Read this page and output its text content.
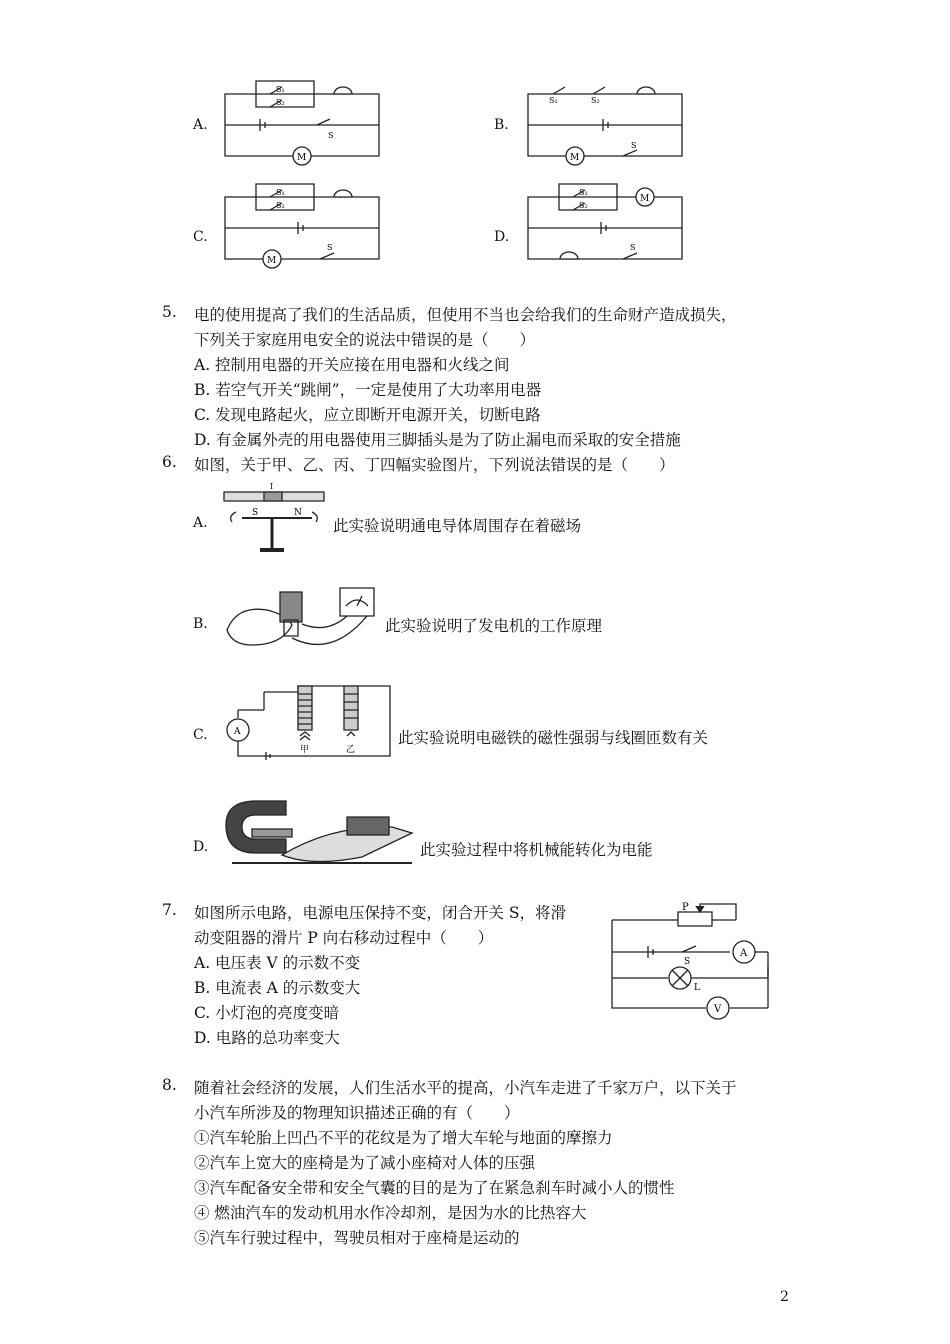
A.	B.
C.	D.
S₁
S₂
S
M
S₁	S₂
M
S
S₁
S₂
M
S
S₁
S₂
M
S
5. 电的使用提高了我们的生活品质，但使用不当也会给我们的生命财产造成损失，
下列关于家庭用电安全的说法中错误的是（　　）
A. 控制用电器的开关应接在用电器和火线之间
B. 若空气开关“跳闸”，一定是使用了大功率用电器
C. 发现电路起火，应立即断开电源开关，切断电路
D. 有金属外壳的用电器使用三脚插头是为了防止漏电而采取的安全措施
6. 如图，关于甲、乙、丙、丁四幅实验图片，下列说法错误的是（　　）
A.
I
S	N
此实验说明通电导体周围存在着磁场
B.	此实验说明了发电机的工作原理
C.	A
甲	乙
此实验说明电磁铁的磁性强弱与线圈匝数有关
D.	此实验过程中将机械能转化为电能
7. 如图所示电路，电源电压保持不变，闭合开关 S，将滑
动变阻器的滑片 P 向右移动过程中（　　）
A. 电压表 V 的示数不变
B. 电流表 A 的示数变大
C. 小灯泡的亮度变暗
D. 电路的总功率变大
P
S
A
L
V
8. 随着社会经济的发展，人们生活水平的提高，小汽车走进了千家万户，以下关于
小汽车所涉及的物理知识描述正确的有（　　）
①汽车轮胎上凹凸不平的花纹是为了增大车轮与地面的摩擦力
②汽车上宽大的座椅是为了减小座椅对人体的压强
③汽车配备安全带和安全气囊的目的是为了在紧急刹车时减小人的惯性
④ 燃油汽车的发动机用水作冷却剂，是因为水的比热容大
⑤汽车行驶过程中，驾驶员相对于座椅是运动的
2
